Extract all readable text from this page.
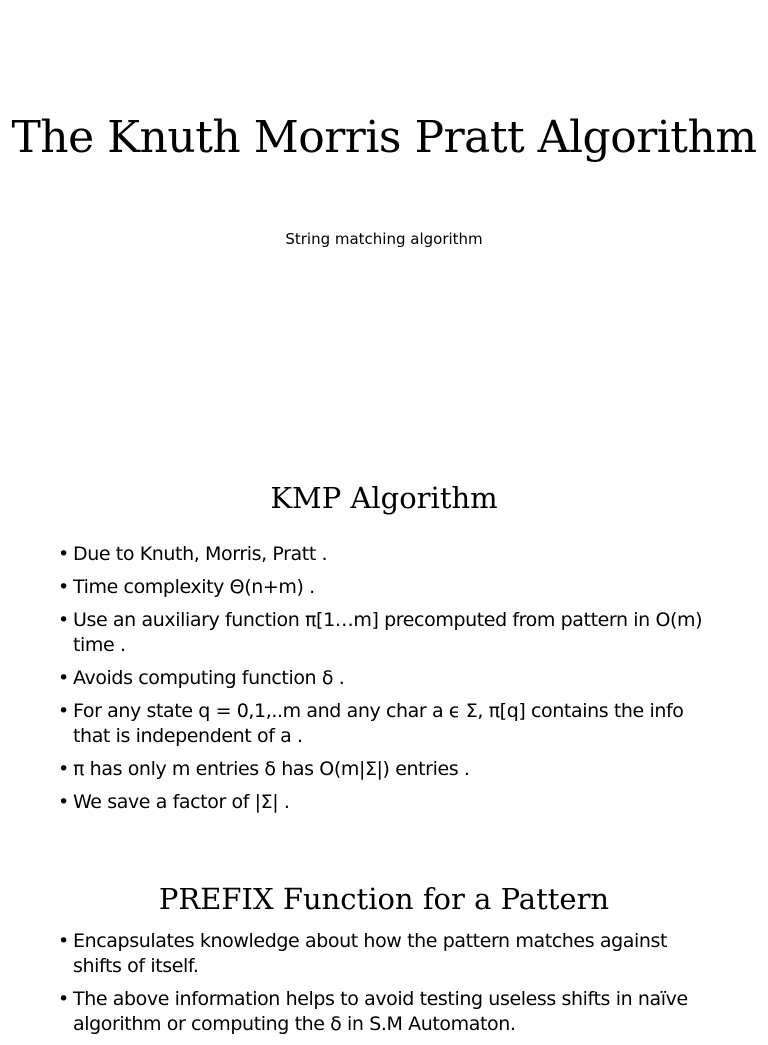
The Knuth Morris Pratt Algorithm

String matching algorithm

KMP Algorithm
• Due to Knuth, Morris, Pratt .
• Time complexity Θ(n+m) .
• Use an auxiliary function π[1…m] precomputed from pattern in O(m) time .
• Avoids computing function δ .
• For any state q = 0,1,..m and any char a ϵ Σ, π[q] contains the info that is independent of a .
• π has only m entries δ has O(m|Σ|) entries .
• We save a factor of |Σ| .
PREFIX Function for a Pattern
• Encapsulates knowledge about how the pattern matches against shifts of itself.
• The above information helps to avoid testing useless shifts in naïve algorithm or computing the δ in S.M Automaton.
